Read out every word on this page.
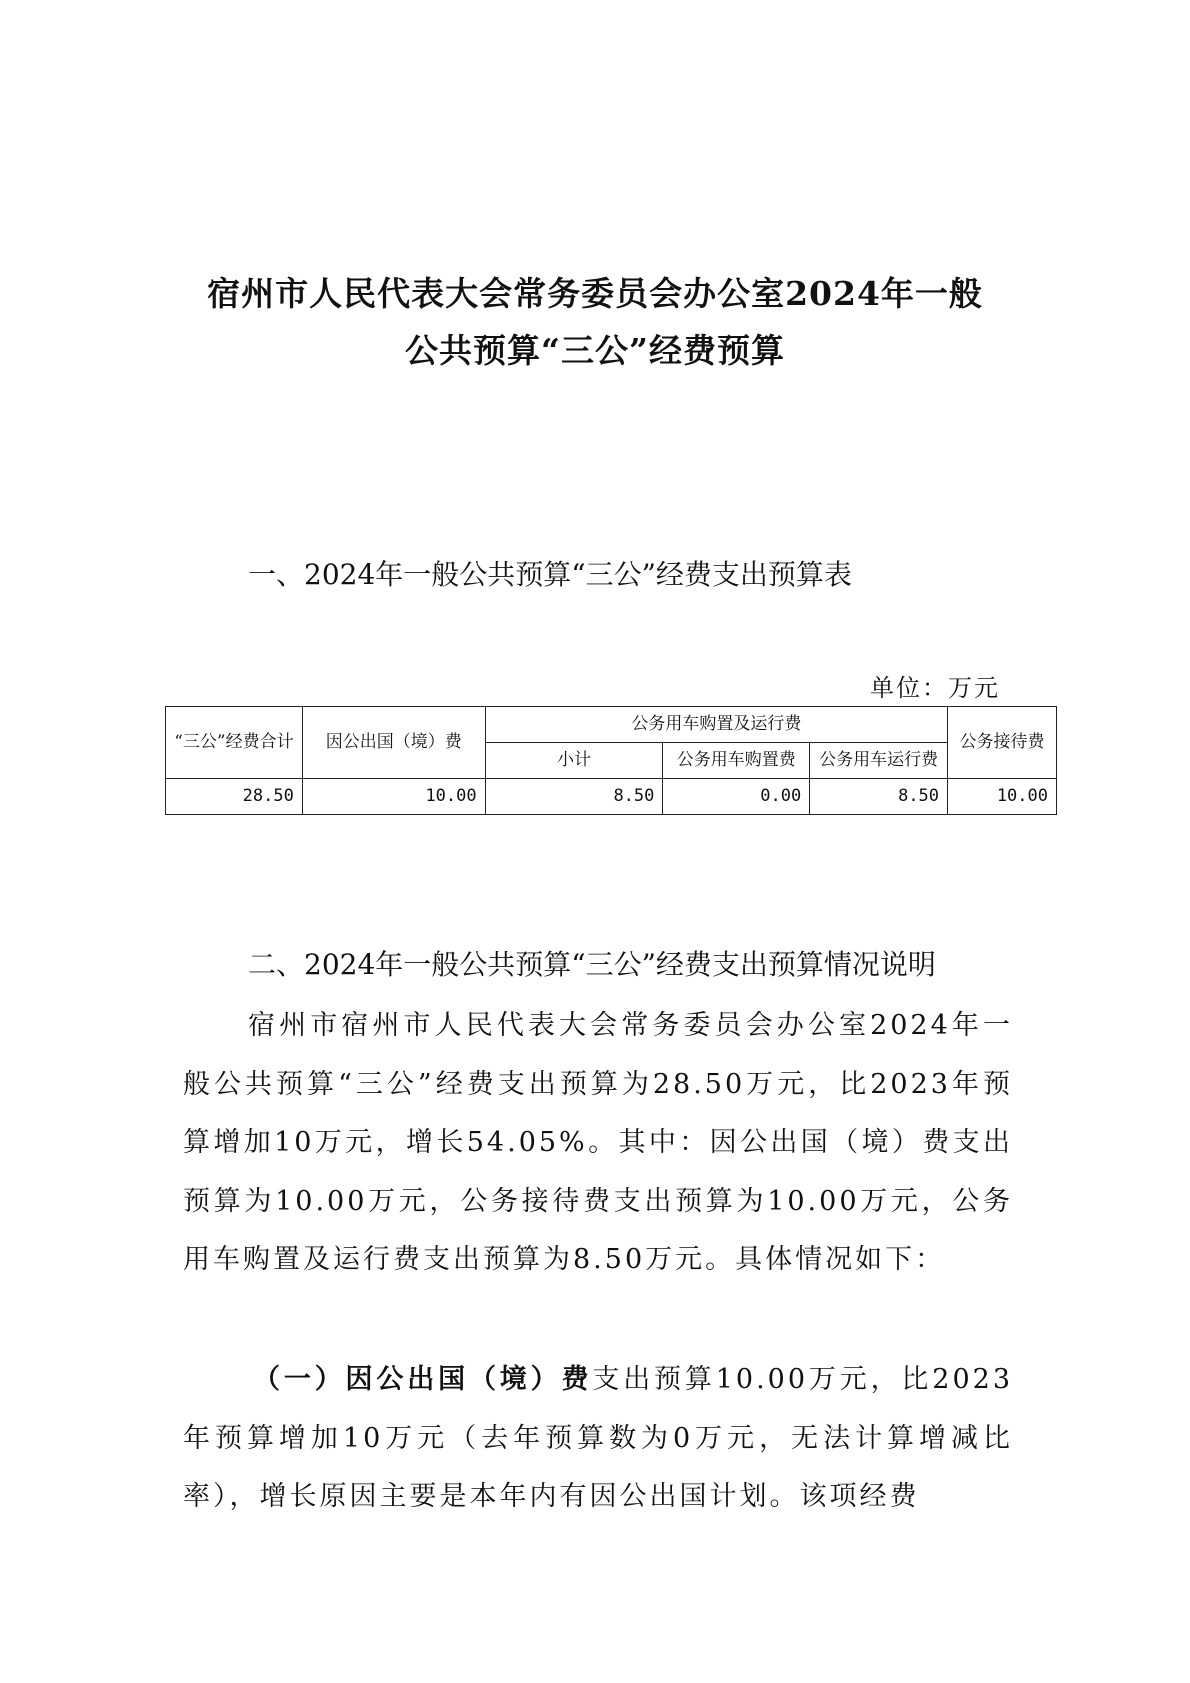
宿州市人民代表大会常务委员会办公室2024年一般
公共预算“三公”经费预算
一、2024年一般公共预算“三公”经费支出预算表
单位：万元
“三公”经费合计	因公出国（境）费	公务用车购置及运行费			公务接待费
		小计	公务用车购置费	公务用车运行费	
28.50	10.00	8.50	0.00	8.50	10.00
二、2024年一般公共预算“三公”经费支出预算情况说明

宿州市宿州市人民代表大会常务委员会办公室2024年一般公共预算“三公”经费支出预算为28.50万元，比2023年预算增加10万元，增长54.05%。其中：因公出国（境）费支出预算为10.00万元，公务接待费支出预算为10.00万元，公务用车购置及运行费支出预算为8.50万元。具体情况如下：

（一）因公出国（境）费支出预算10.00万元，比2023年预算增加10万元（去年预算数为0万元，无法计算增减比率），增长原因主要是本年内有因公出国计划。该项经费
